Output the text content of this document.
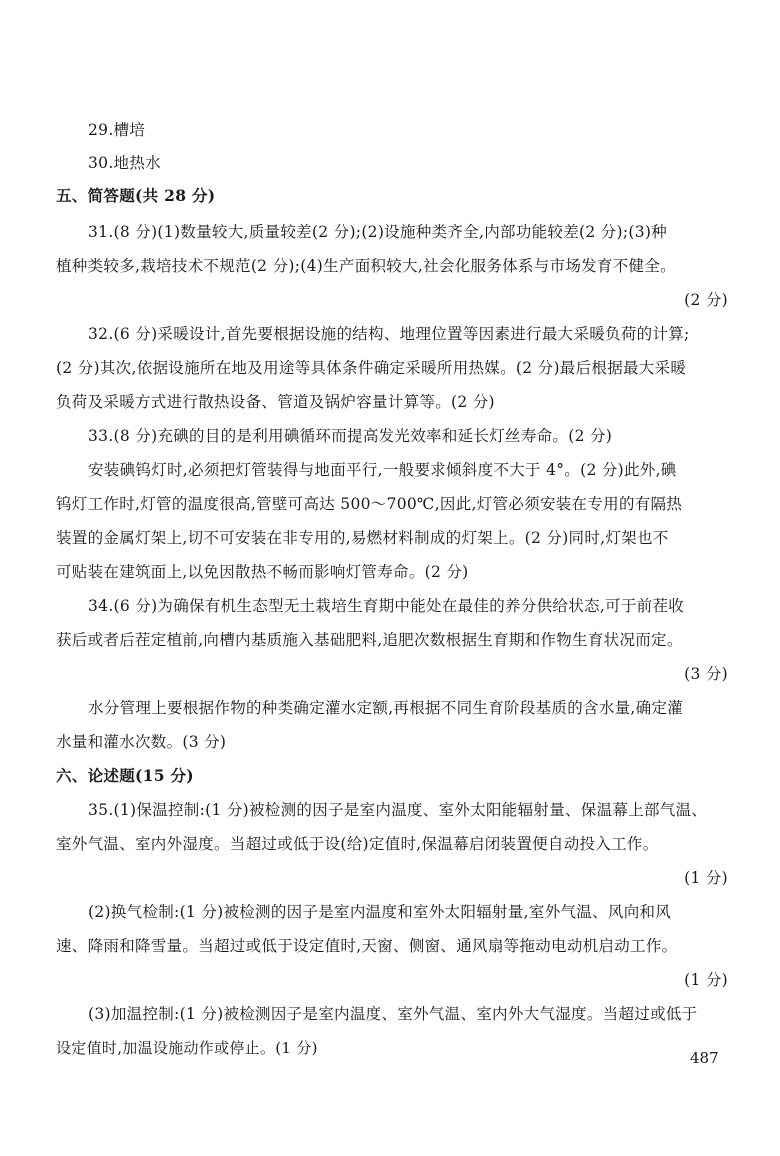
29.槽培
30.地热水
五、简答题(共 28 分)
31.(8 分)(1)数量较大,质量较差(2 分);(2)设施种类齐全,内部功能较差(2 分);(3)种
植种类较多,栽培技术不规范(2 分);(4)生产面积较大,社会化服务体系与市场发育不健全。
(2 分)
32.(6 分)采暖设计,首先要根据设施的结构、地理位置等因素进行最大采暖负荷的计算;
(2 分)其次,依据设施所在地及用途等具体条件确定采暖所用热媒。(2 分)最后根据最大采暖
负荷及采暖方式进行散热设备、管道及锅炉容量计算等。(2 分)
33.(8 分)充碘的目的是利用碘循环而提高发光效率和延长灯丝寿命。(2 分)
安装碘钨灯时,必须把灯管装得与地面平行,一般要求倾斜度不大于 4°。(2 分)此外,碘
钨灯工作时,灯管的温度很高,管壁可高达 500～700℃,因此,灯管必须安装在专用的有隔热
装置的金属灯架上,切不可安装在非专用的,易燃材料制成的灯架上。(2 分)同时,灯架也不
可贴装在建筑面上,以免因散热不畅而影响灯管寿命。(2 分)
34.(6 分)为确保有机生态型无土栽培生育期中能处在最佳的养分供给状态,可于前茬收
获后或者后茬定植前,向槽内基质施入基础肥料,追肥次数根据生育期和作物生育状况而定。
(3 分)
水分管理上要根据作物的种类确定灌水定额,再根据不同生育阶段基质的含水量,确定灌
水量和灌水次数。(3 分)
六、论述题(15 分)
35.(1)保温控制:(1 分)被检测的因子是室内温度、室外太阳能辐射量、保温幕上部气温、
室外气温、室内外湿度。当超过或低于设(给)定值时,保温幕启闭装置便自动投入工作。
(1 分)
(2)换气检制:(1 分)被检测的因子是室内温度和室外太阳辐射量,室外气温、风向和风
速、降雨和降雪量。当超过或低于设定值时,天窗、侧窗、通风扇等拖动电动机启动工作。
(1 分)
(3)加温控制:(1 分)被检测因子是室内温度、室外气温、室内外大气湿度。当超过或低于
设定值时,加温设施动作或停止。(1 分)
487
